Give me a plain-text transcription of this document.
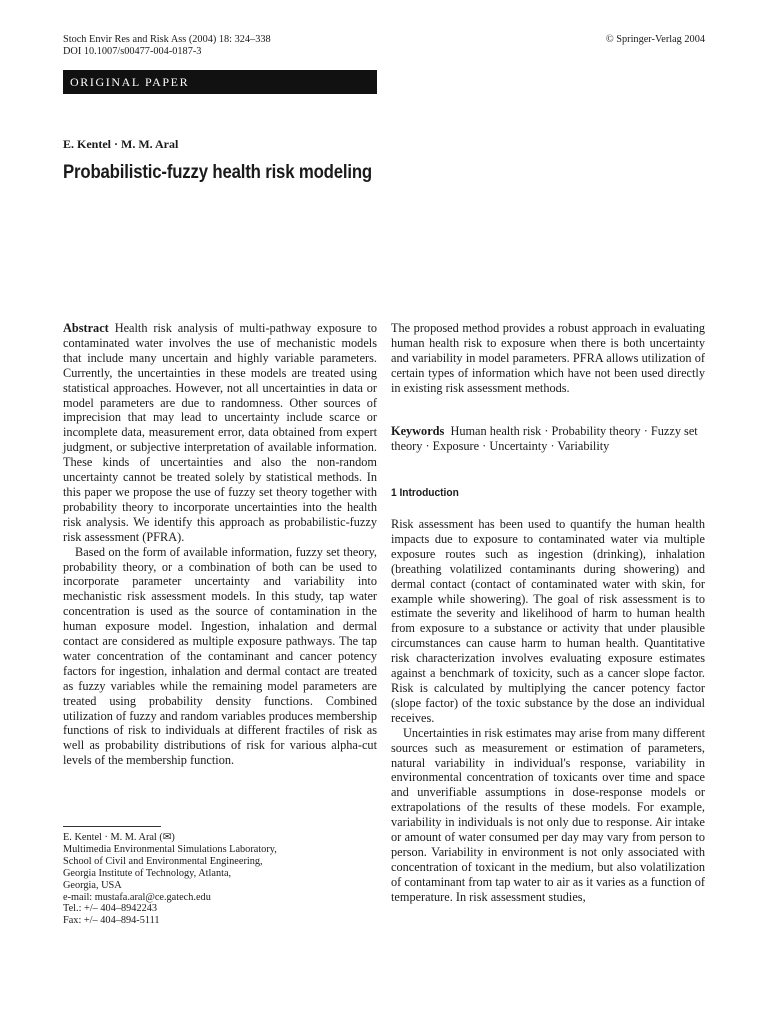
Stoch Envir Res and Risk Ass (2004) 18: 324–338
DOI 10.1007/s00477-004-0187-3
© Springer-Verlag 2004
ORIGINAL PAPER
E. Kentel · M. M. Aral
Probabilistic-fuzzy health risk modeling

Abstract Health risk analysis of multi-pathway exposure to contaminated water involves the use of mechanistic models that include many uncertain and highly variable parameters. Currently, the uncertainties in these models are treated using statistical approaches. However, not all uncertainties in data or model parameters are due to randomness. Other sources of imprecision that may lead to uncertainty include scarce or incomplete data, measurement error, data obtained from expert judgment, or subjective interpretation of available information. These kinds of uncertainties and also the non-random uncertainty cannot be treated solely by statistical methods. In this paper we propose the use of fuzzy set theory together with probability theory to incorporate uncertainties into the health risk analysis. We identify this approach as probabilistic-fuzzy risk assessment (PFRA).

Based on the form of available information, fuzzy set theory, probability theory, or a combination of both can be used to incorporate parameter uncertainty and variability into mechanistic risk assessment models. In this study, tap water concentration is used as the source of contamination in the human exposure model. Ingestion, inhalation and dermal contact are considered as multiple exposure pathways. The tap water concentration of the contaminant and cancer potency factors for ingestion, inhalation and dermal contact are treated as fuzzy variables while the remaining model parameters are treated using probability density functions. Combined utilization of fuzzy and random variables produces membership functions of risk to individuals at different fractiles of risk as well as probability distributions of risk for various alpha-cut levels of the membership function.

E. Kentel · M. M. Aral (✉)
Multimedia Environmental Simulations Laboratory,
School of Civil and Environmental Engineering,
Georgia Institute of Technology, Atlanta,
Georgia, USA
e-mail: mustafa.aral@ce.gatech.edu
Tel.: +/– 404–8942243
Fax: +/– 404–894-5111

The proposed method provides a robust approach in evaluating human health risk to exposure when there is both uncertainty and variability in model parameters. PFRA allows utilization of certain types of information which have not been used directly in existing risk assessment methods.

Keywords Human health risk · Probability theory · Fuzzy set theory · Exposure · Uncertainty · Variability
1 Introduction

Risk assessment has been used to quantify the human health impacts due to exposure to contaminated water via multiple exposure routes such as ingestion (drinking), inhalation (breathing volatilized contaminants during showering) and dermal contact (contact of contaminated water with skin, for example while showering). The goal of risk assessment is to estimate the severity and likelihood of harm to human health from exposure to a substance or activity that under plausible circumstances can cause harm to human health. Quantitative risk characterization involves evaluating exposure estimates against a benchmark of toxicity, such as a cancer slope factor. Risk is calculated by multiplying the cancer potency factor (slope factor) of the toxic substance by the dose an individual receives.

Uncertainties in risk estimates may arise from many different sources such as measurement or estimation of parameters, natural variability in individual's response, variability in environmental concentration of toxicants over time and space and unverifiable assumptions in dose-response models or extrapolations of the results of these models. For example, variability in individuals is not only due to response. Air intake or amount of water consumed per day may vary from person to person. Variability in environment is not only associated with concentration of toxicant in the medium, but also volatilization of contaminant from tap water to air as it varies as a function of temperature. In risk assessment studies,
